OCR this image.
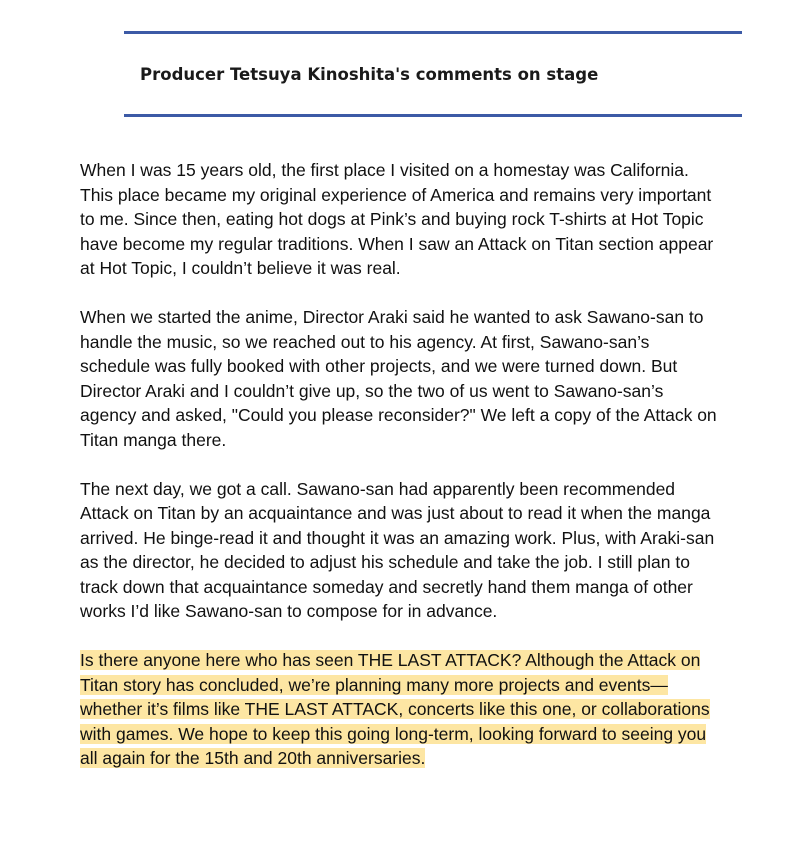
Producer Tetsuya Kinoshita's comments on stage

When I was 15 years old, the first place I visited on a homestay was California. This place became my original experience of America and remains very important to me. Since then, eating hot dogs at Pink’s and buying rock T-shirts at Hot Topic have become my regular traditions. When I saw an Attack on Titan section appear at Hot Topic, I couldn’t believe it was real.

When we started the anime, Director Araki said he wanted to ask Sawano-san to handle the music, so we reached out to his agency. At first, Sawano-san’s schedule was fully booked with other projects, and we were turned down. But Director Araki and I couldn’t give up, so the two of us went to Sawano-san’s agency and asked, "Could you please reconsider?" We left a copy of the Attack on Titan manga there.

The next day, we got a call. Sawano-san had apparently been recommended Attack on Titan by an acquaintance and was just about to read it when the manga arrived. He binge-read it and thought it was an amazing work. Plus, with Araki-san as the director, he decided to adjust his schedule and take the job. I still plan to track down that acquaintance someday and secretly hand them manga of other works I’d like Sawano-san to compose for in advance.

Is there anyone here who has seen THE LAST ATTACK? Although the Attack on Titan story has concluded, we’re planning many more projects and events—whether it’s films like THE LAST ATTACK, concerts like this one, or collaborations with games. We hope to keep this going long-term, looking forward to seeing you all again for the 15th and 20th anniversaries.
